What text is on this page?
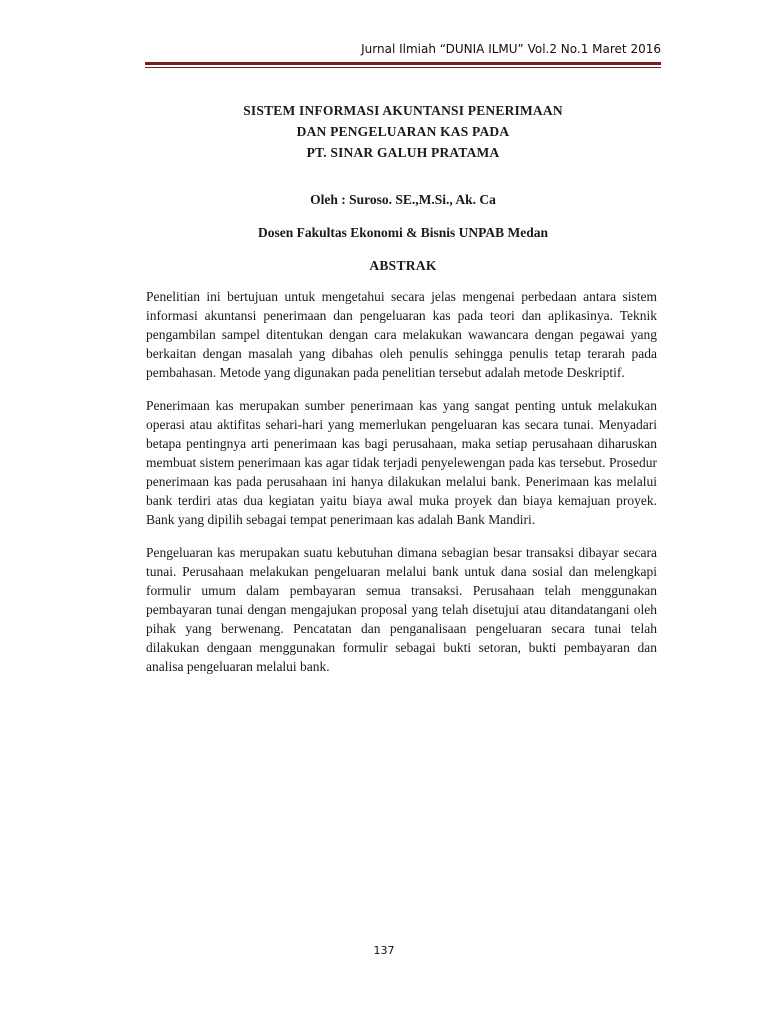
Jurnal Ilmiah “DUNIA ILMU” Vol.2 No.1 Maret 2016
SISTEM INFORMASI AKUNTANSI PENERIMAAN
DAN PENGELUARAN KAS PADA
PT. SINAR GALUH PRATAMA
Oleh : Suroso. SE.,M.Si., Ak. Ca
Dosen Fakultas Ekonomi & Bisnis UNPAB Medan
ABSTRAK

Penelitian ini bertujuan untuk mengetahui secara jelas mengenai perbedaan antara sistem informasi akuntansi penerimaan dan pengeluaran kas pada teori dan aplikasinya. Teknik pengambilan sampel ditentukan dengan cara melakukan wawancara dengan pegawai yang berkaitan dengan masalah yang dibahas oleh penulis sehingga penulis tetap terarah pada pembahasan. Metode yang digunakan pada penelitian tersebut adalah metode Deskriptif.

Penerimaan kas merupakan sumber penerimaan kas yang sangat penting untuk melakukan operasi atau aktifitas sehari-hari yang memerlukan pengeluaran kas secara tunai. Menyadari betapa pentingnya arti penerimaan kas bagi perusahaan, maka setiap perusahaan diharuskan membuat sistem penerimaan kas agar tidak terjadi penyelewengan pada kas tersebut. Prosedur penerimaan kas pada perusahaan ini hanya dilakukan melalui bank. Penerimaan kas melalui bank terdiri atas dua kegiatan yaitu biaya awal muka proyek dan biaya kemajuan proyek. Bank yang dipilih sebagai tempat penerimaan kas adalah Bank Mandiri.

Pengeluaran kas merupakan suatu kebutuhan dimana sebagian besar transaksi dibayar secara tunai. Perusahaan melakukan pengeluaran melalui bank untuk dana sosial dan melengkapi formulir umum dalam pembayaran semua transaksi. Perusahaan telah menggunakan pembayaran tunai dengan mengajukan proposal yang telah disetujui atau ditandatangani oleh pihak yang berwenang. Pencatatan dan penganalisaan pengeluaran secara tunai telah dilakukan dengaan menggunakan formulir sebagai bukti setoran, bukti pembayaran dan analisa pengeluaran melalui bank.

137
